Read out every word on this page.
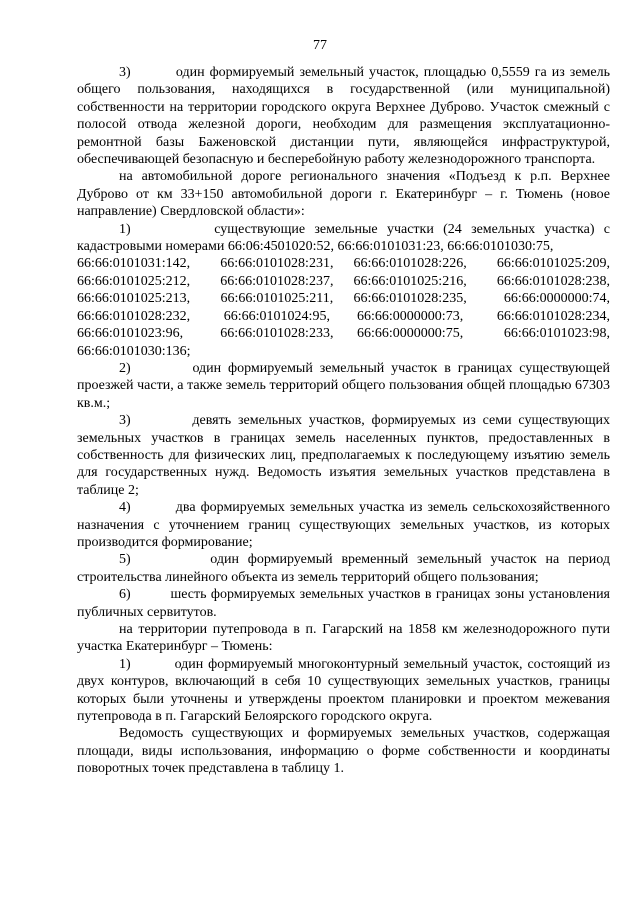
77

3)         один формируемый земельный участок, площадью 0,5559 га из земель общего пользования, находящихся в государственной (или муниципальной) собственности на территории городского округа Верхнее Дуброво. Участок смежный с полосой отвода железной дороги, необходим для размещения эксплуатационно-ремонтной базы Баженовской дистанции пути, являющейся инфраструктурой, обеспечивающей безопасную и бесперебойную работу железнодорожного транспорта.

на автомобильной дороге регионального значения «Подъезд к р.п. Верхнее Дуброво от км 33+150 автомобильной дороги г. Екатеринбург – г. Тюмень (новое направление) Свердловской области»:

1)         существующие земельные участки (24 земельных участка) с кадастровыми номерами 66:06:4501020:52, 66:66:0101031:23, 66:66:0101030:75,

66:66:0101031:142,	66:66:0101028:231,	66:66:0101028:226,	66:66:0101025:209,
66:66:0101025:212,	66:66:0101028:237,	66:66:0101025:216,	66:66:0101028:238,
66:66:0101025:213,	66:66:0101025:211,	66:66:0101028:235,	66:66:0000000:74,
66:66:0101028:232,	66:66:0101024:95,	66:66:0000000:73,	66:66:0101028:234,
66:66:0101023:96,	66:66:0101028:233,	66:66:0000000:75,	66:66:0101023:98,

66:66:0101030:136;

2)         один формируемый земельный участок в границах существующей проезжей части, а также земель территорий общего пользования общей площадью 67303 кв.м.;

3)         девять земельных участков, формируемых из семи существующих земельных участков в границах земель населенных пунктов, предоставленных в собственность для физических лиц, предполагаемых к последующему изъятию земель для государственных нужд. Ведомость изъятия земельных участков представлена в таблице 2;

4)         два формируемых земельных участка из земель сельскохозяйственного назначения с уточнением границ существующих земельных участков, из которых производится формирование;

5)         один формируемый временный земельный участок на период строительства линейного объекта из земель территорий общего пользования;

6)         шесть формируемых земельных участков в границах зоны установления публичных сервитутов.

на территории путепровода в п. Гагарский на 1858 км железнодорожного пути участка Екатеринбург – Тюмень:

1)         один формируемый многоконтурный земельный участок, состоящий из двух контуров, включающий в себя 10 существующих земельных участков, границы которых были уточнены и утверждены проектом планировки и проектом межевания путепровода в п. Гагарский Белоярского городского округа.

Ведомость существующих и формируемых земельных участков, содержащая площади, виды использования, информацию о форме собственности и координаты поворотных точек представлена в таблицу 1.
